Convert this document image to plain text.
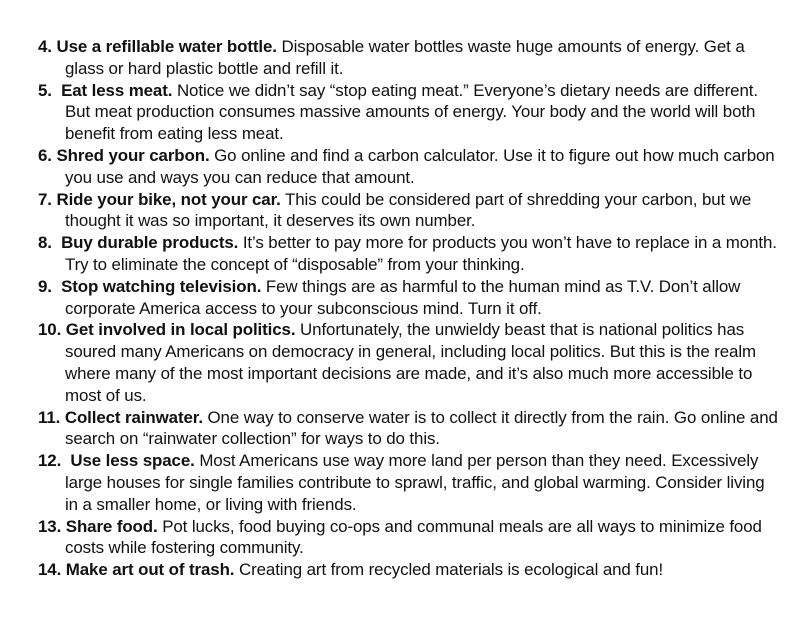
4. Use a refillable water bottle. Disposable water bottles waste huge amounts of energy. Get a glass or hard plastic bottle and refill it.

5. Eat less meat. Notice we didn’t say “stop eating meat.” Everyone’s dietary needs are different. But meat production consumes massive amounts of energy. Your body and the world will both benefit from eating less meat.

6. Shred your carbon. Go online and find a carbon calculator. Use it to figure out how much carbon you use and ways you can reduce that amount.

7. Ride your bike, not your car. This could be considered part of shredding your carbon, but we thought it was so important, it deserves its own number.

8. Buy durable products. It’s better to pay more for products you won’t have to replace in a month. Try to eliminate the concept of “disposable” from your thinking.

9. Stop watching television. Few things are as harmful to the human mind as T.V. Don’t allow corporate America access to your subconscious mind. Turn it off.

10. Get involved in local politics. Unfortunately, the unwieldy beast that is national politics has soured many Americans on democracy in general, including local politics. But this is the realm where many of the most important decisions are made, and it’s also much more accessible to most of us.

11. Collect rainwater. One way to conserve water is to collect it directly from the rain. Go online and search on “rainwater collection” for ways to do this.

12. Use less space. Most Americans use way more land per person than they need. Excessively large houses for single families contribute to sprawl, traffic, and global warming. Consider living in a smaller home, or living with friends.

13. Share food. Pot lucks, food buying co-ops and communal meals are all ways to minimize food costs while fostering community.

14. Make art out of trash. Creating art from recycled materials is ecological and fun!
